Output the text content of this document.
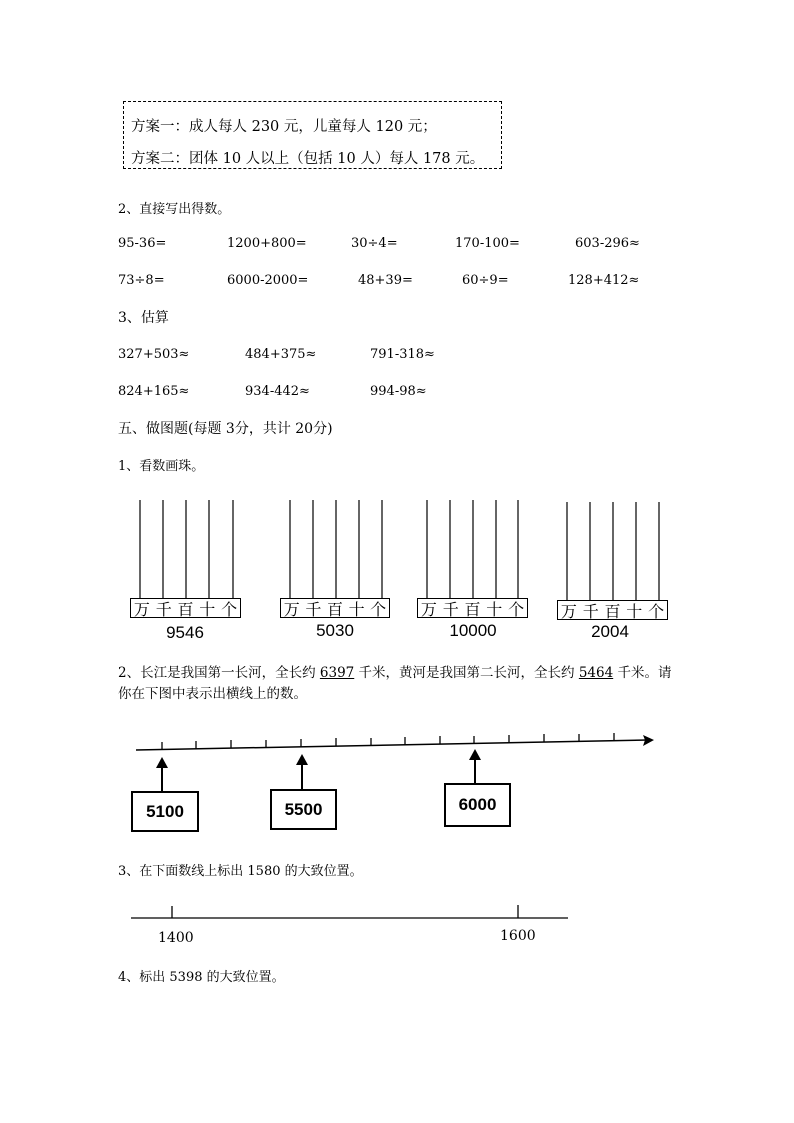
方案一：成人每人 230 元，儿童每人 120 元；
方案二：团体 10 人以上（包括 10 人）每人 178 元。
2、直接写出得数。
95-36=	1200+800=	30÷4=	170-100=	603-296≈
73÷8=	6000-2000=	48+39=	60÷9=	128+412≈
3、估算
327+503≈	484+375≈	791-318≈
824+165≈	934-442≈	994-98≈
五、做图题(每题 3分，共计 20分)
1、看数画珠。
万 千 百 十 个	万 千 百 十 个 万 千 百 十 个 万 千 百 十 个
9546	5030	10000	2004
2、长江是我国第一长河，全长约 6397 千米，黄河是我国第二长河，全长约 5464 千米。请
你在下图中表示出横线上的数。
5100	5500	6000
3、在下面数线上标出 1580 的大致位置。
1400	1600
4、标出 5398 的大致位置。
